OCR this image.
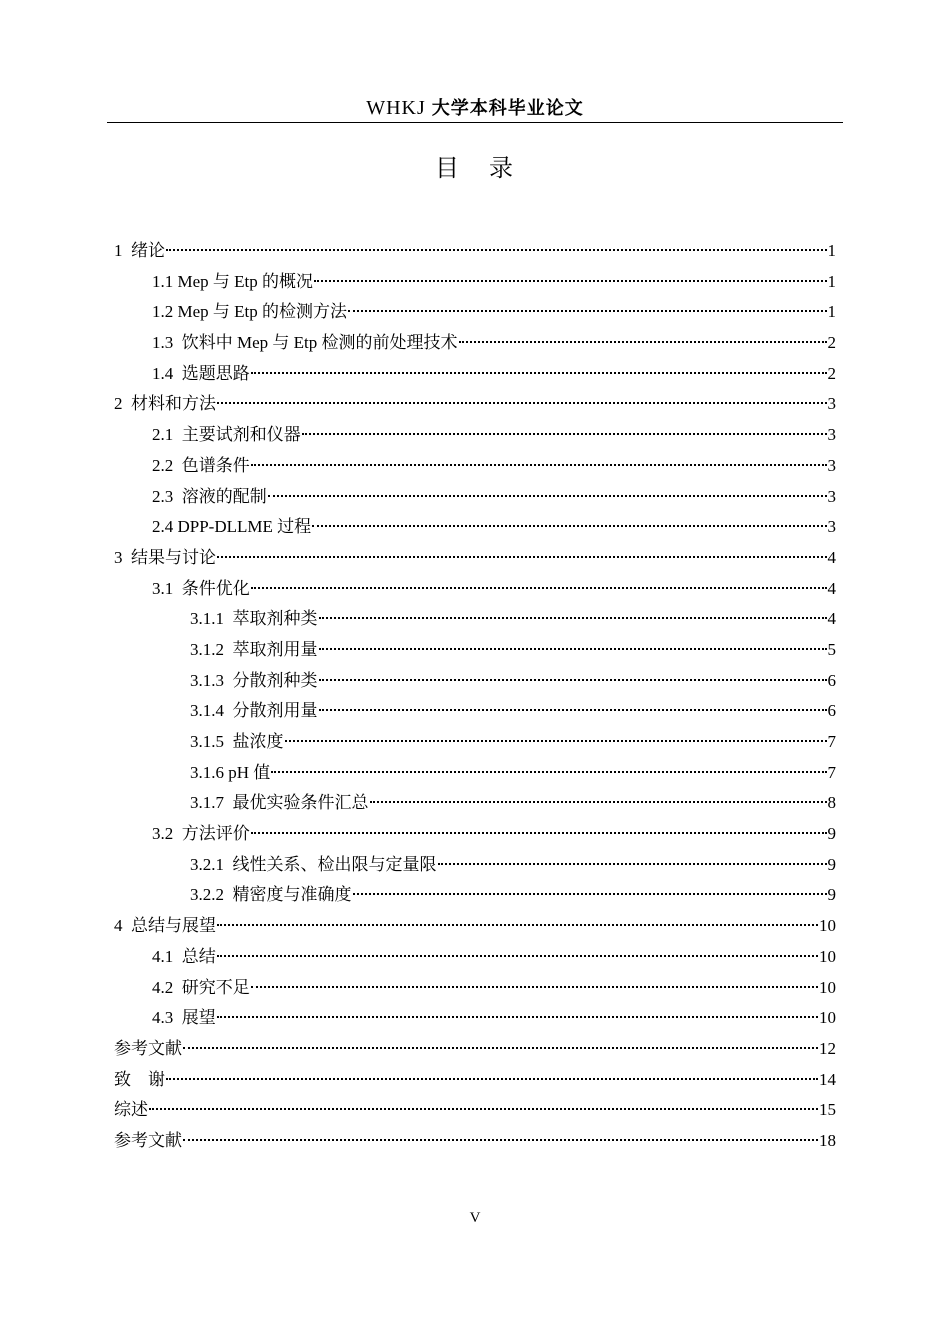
WHKJ 大学本科毕业论文
目 录
1  绪论	1
1.1 Mep 与 Etp 的概况	1
1.2 Mep 与 Etp 的检测方法	1
1.3  饮料中 Mep 与 Etp 检测的前处理技术	2
1.4  选题思路	2
2  材料和方法	3
2.1  主要试剂和仪器	3
2.2  色谱条件	3
2.3  溶液的配制	3
2.4 DPP-DLLME 过程	3
3  结果与讨论	4
3.1  条件优化	4
3.1.1  萃取剂种类	4
3.1.2  萃取剂用量	5
3.1.3  分散剂种类	6
3.1.4  分散剂用量	6
3.1.5  盐浓度	7
3.1.6 pH 值	7
3.1.7  最优实验条件汇总	8
3.2  方法评价	9
3.2.1  线性关系、检出限与定量限	9
3.2.2  精密度与准确度	9
4  总结与展望	10
4.1  总结	10
4.2  研究不足	10
4.3  展望	10
参考文献	12
致    谢	14
综述	15
参考文献	18
V
